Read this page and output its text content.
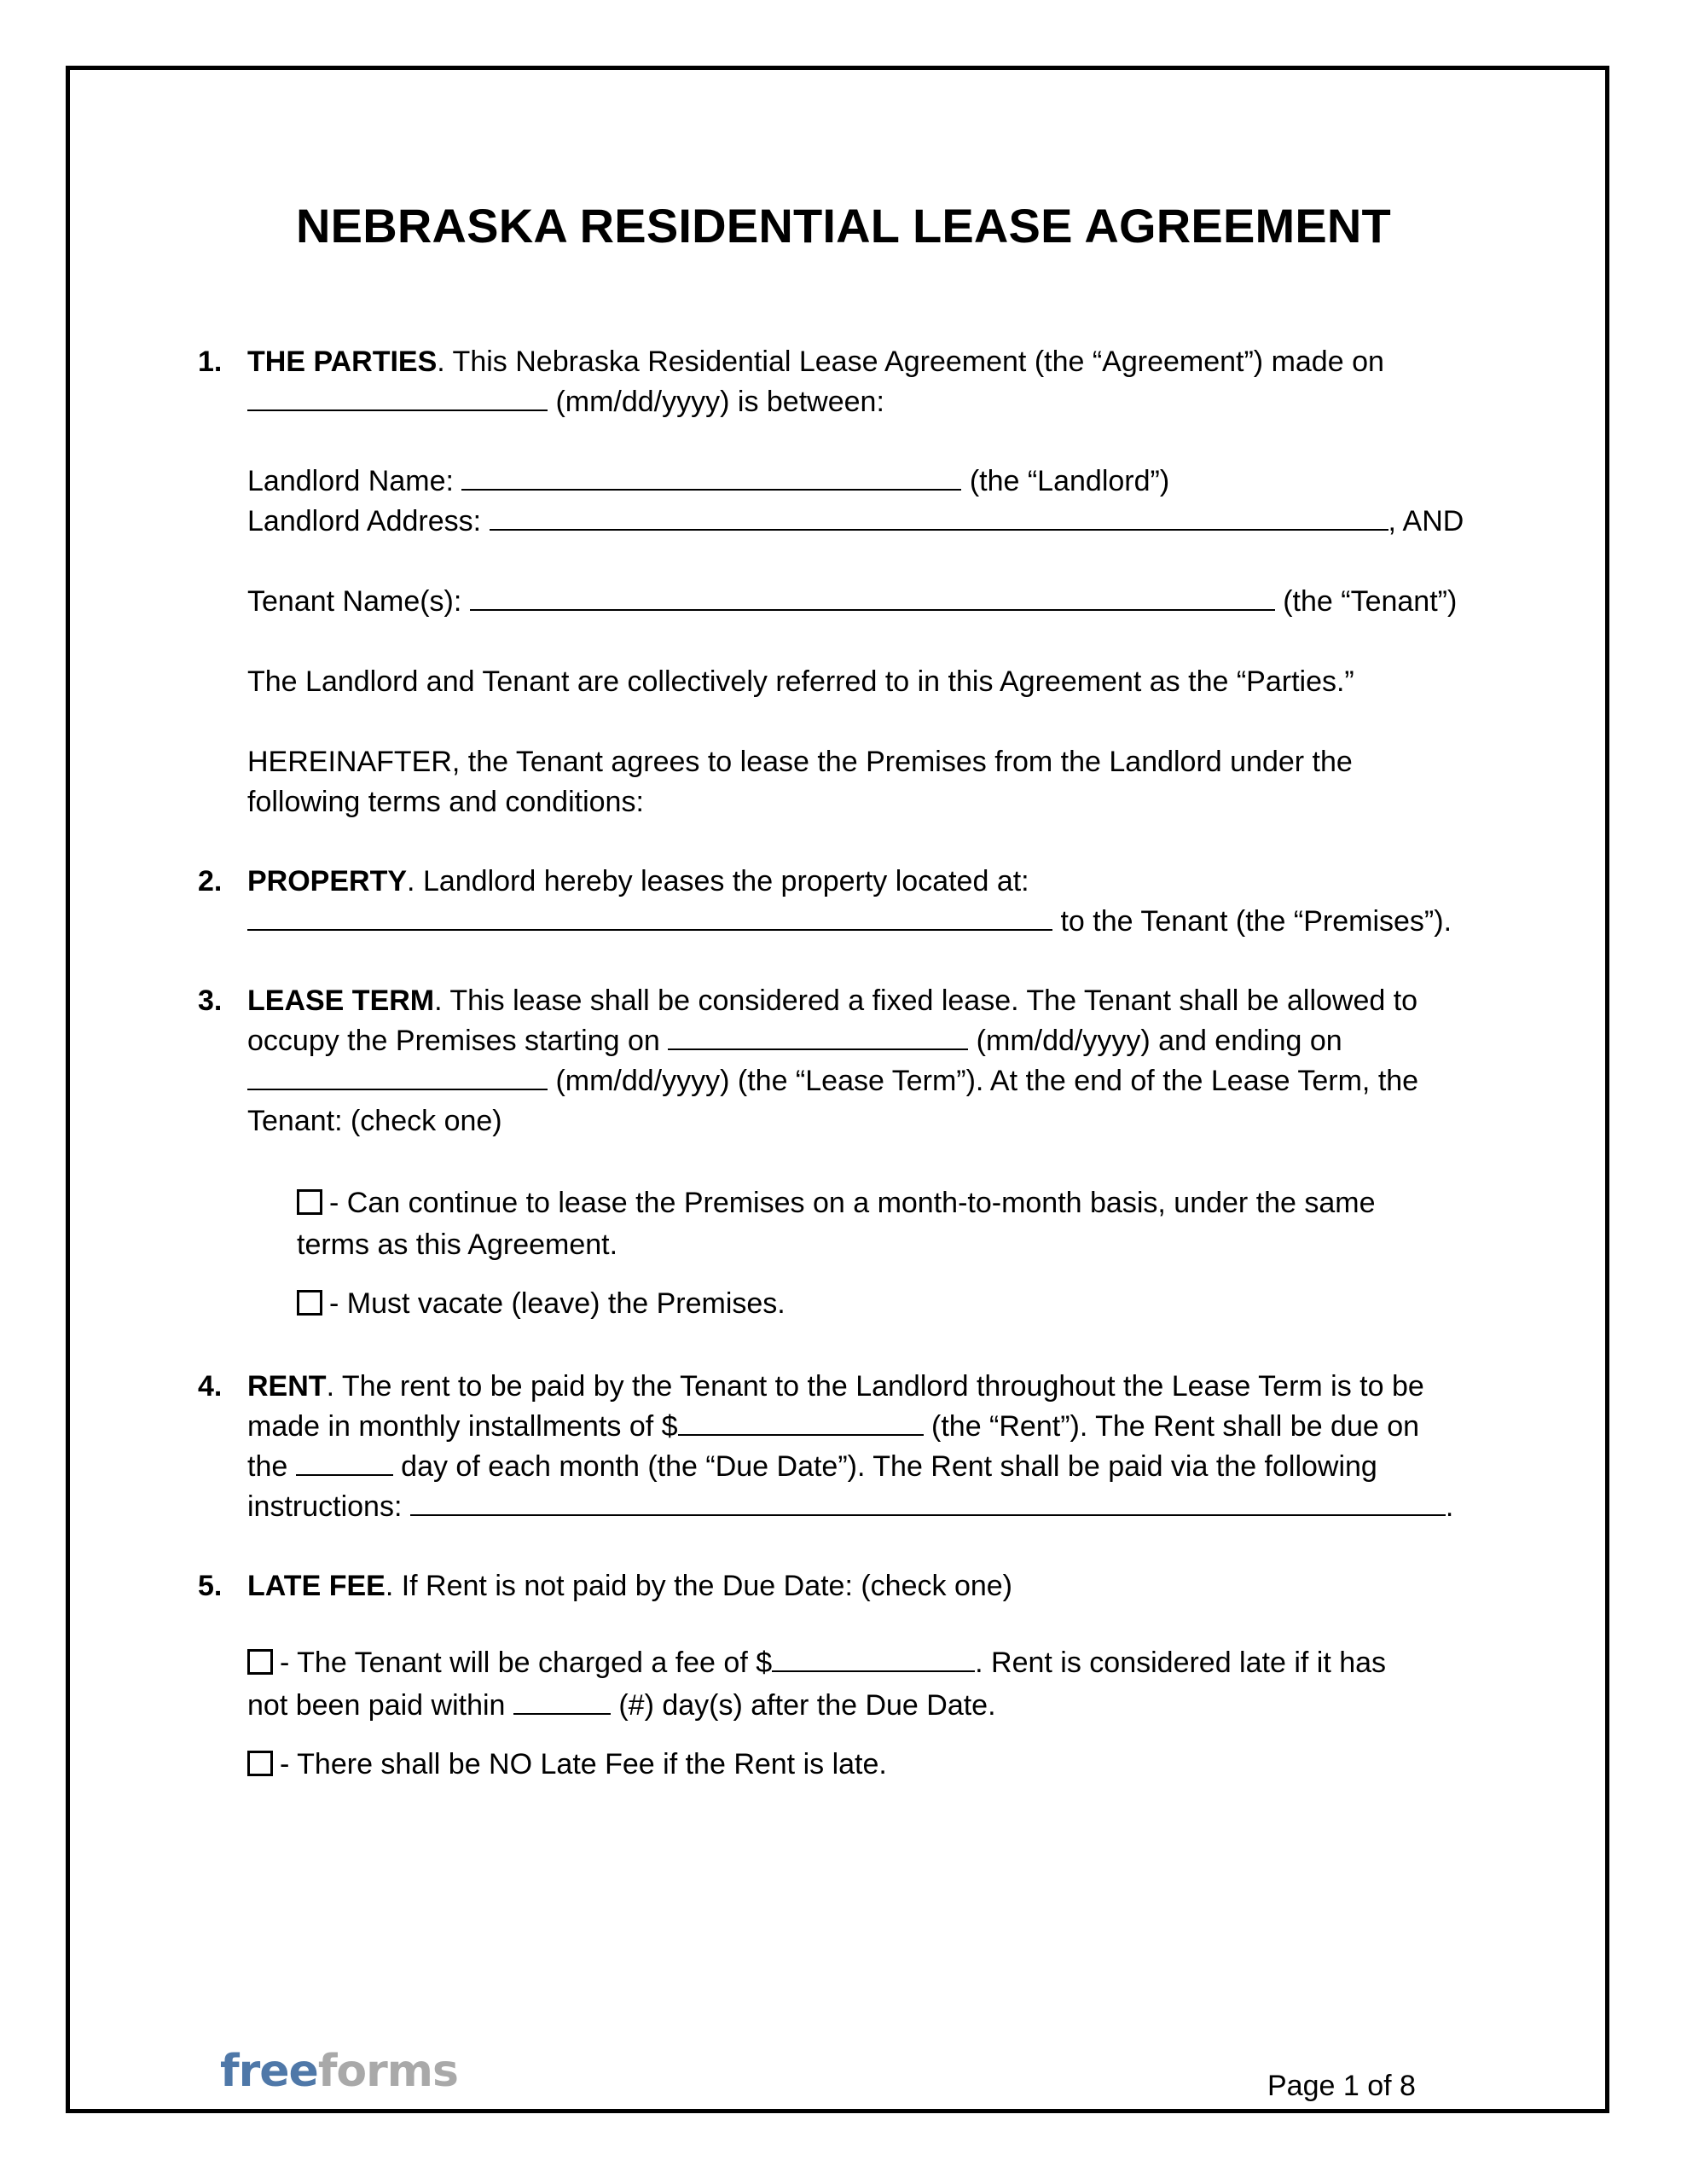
NEBRASKA RESIDENTIAL LEASE AGREEMENT
1. THE PARTIES. This Nebraska Residential Lease Agreement (the “Agreement”) made on
(mm/dd/yyyy) is between:
Landlord Name:	(the “Landlord”)
Landlord Address:	, AND
Tenant Name(s):	(the “Tenant”)
The Landlord and Tenant are collectively referred to in this Agreement as the “Parties.”
HEREINAFTER, the Tenant agrees to lease the Premises from the Landlord under the
following terms and conditions:
2. PROPERTY. Landlord hereby leases the property located at:
to the Tenant (the “Premises”).
3. LEASE TERM. This lease shall be considered a fixed lease. The Tenant shall be allowed to
occupy the Premises starting on	(mm/dd/yyyy) and ending on
(mm/dd/yyyy) (the “Lease Term”). At the end of the Lease Term, the
Tenant: (check one)
- Can continue to lease the Premises on a month-to-month basis, under the same
terms as this Agreement.
- Must vacate (leave) the Premises.
4. RENT. The rent to be paid by the Tenant to the Landlord throughout the Lease Term is to be
made in monthly installments of $	(the “Rent”). The Rent shall be due on
the	day of each month (the “Due Date”). The Rent shall be paid via the following
instructions:	.
5. LATE FEE. If Rent is not paid by the Due Date: (check one)
- The Tenant will be charged a fee of $	. Rent is considered late if it has
not been paid within	(#) day(s) after the Due Date.
- There shall be NO Late Fee if the Rent is late.
freeforms	Page 1 of 8
